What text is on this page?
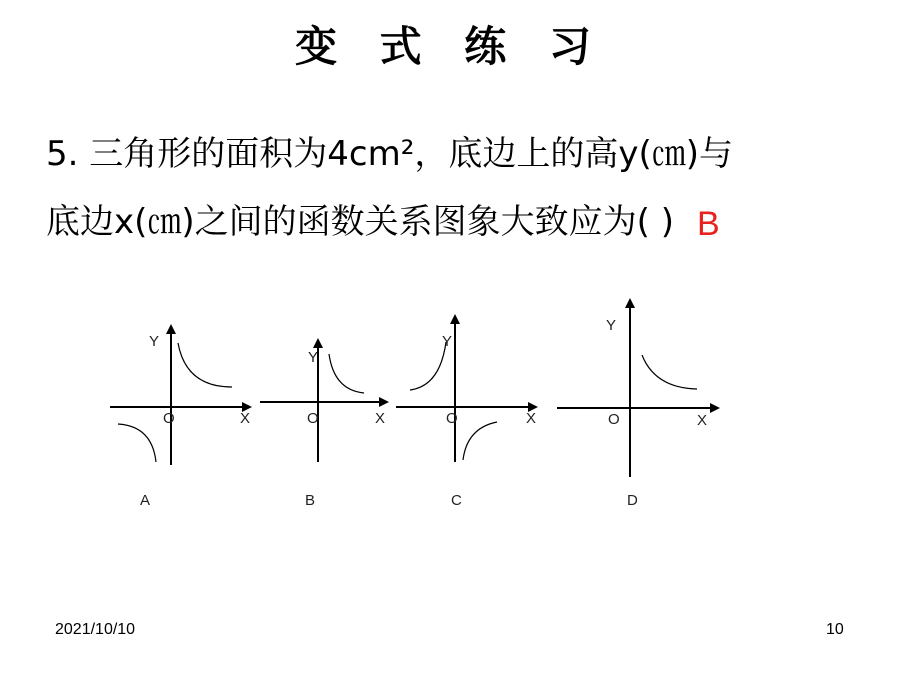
变 式 练 习
5. 三角形的面积为4cm²，底边上的高y(㎝)与
底边x(㎝)之间的函数关系图象大致应为( ) B
Y
X
O
A
Y
X
O
B
Y
X
O
C
Y
X
O
D
2021/10/10	10
